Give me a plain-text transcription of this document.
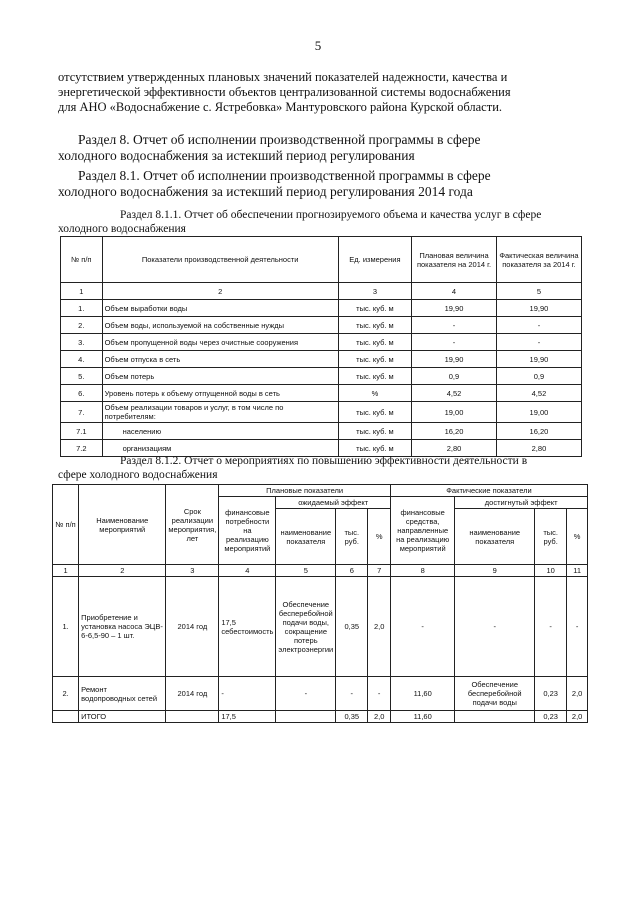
5
отсутствием утвержденных плановых значений показателей надежности, качества и
энергетической эффективности объектов централизованной системы водоснабжения
для АНО «Водоснабжение с. Ястребовка» Мантуровского района Курской области.
Раздел 8. Отчет об исполнении производственной программы в сфере
холодного водоснабжения за истекший период регулирования
Раздел 8.1. Отчет об исполнении производственной программы в сфере
холодного водоснабжения за истекший период регулирования 2014 года
Раздел 8.1.1. Отчет об обеспечении прогнозируемого объема и качества услуг в сфере
холодного водоснабжения
№ п/п	Показатели производственной деятельности	Ед. измерения	Плановая величина показателя на 2014 г.	Фактическая величина показателя за 2014 г.
1	2	3	4	5
1.	Объем выработки воды	тыс. куб. м	19,90	19,90
2.	Объем воды, используемой на собственные нужды	тыс. куб. м	-	-
3.	Объем пропущенной воды через очистные сооружения	тыс. куб. м	-	-
4.	Объем отпуска в сеть	тыс. куб. м	19,90	19,90
5.	Объем потерь	тыс. куб. м	0,9	0,9
6.	Уровень потерь к объему отпущенной воды в сеть	%	4,52	4,52
7.	Объем реализации товаров и услуг, в том числе по потребителям:	тыс. куб. м	19,00	19,00
7.1	населению	тыс. куб. м	16,20	16,20
7.2	организациям	тыс. куб. м	2,80	2,80
Раздел 8.1.2. Отчет о мероприятиях по повышению эффективности деятельности в
сфере холодного водоснабжения
№ п/п	Наименование мероприятий	Срок реализации мероприятия, лет	Плановые показатели				Фактические показатели			
			финансовые потребности на реализацию мероприятий	ожидаемый эффект			финансовые средства, направленные на реализацию мероприятий	достигнутый эффект		
				наименование показателя	тыс. руб.	%		наименование показателя	тыс. руб.	%
1	2	3	4	5	6	7	8	9	10	11
1.	Приобретение и установка насоса ЭЦВ- 6-6,5-90 – 1 шт.	2014 год	17,5 себестоимость	Обеспечение бесперебойной подачи воды, сокращение потерь электроэнергии	0,35	2,0	-	-	-	-
2.	Ремонт водопроводных сетей	2014 год	-	-	-	-	11,60	Обеспечение бесперебойной подачи воды	0,23	2,0
	ИТОГО		17,5		0,35	2,0	11,60		0,23	2,0
